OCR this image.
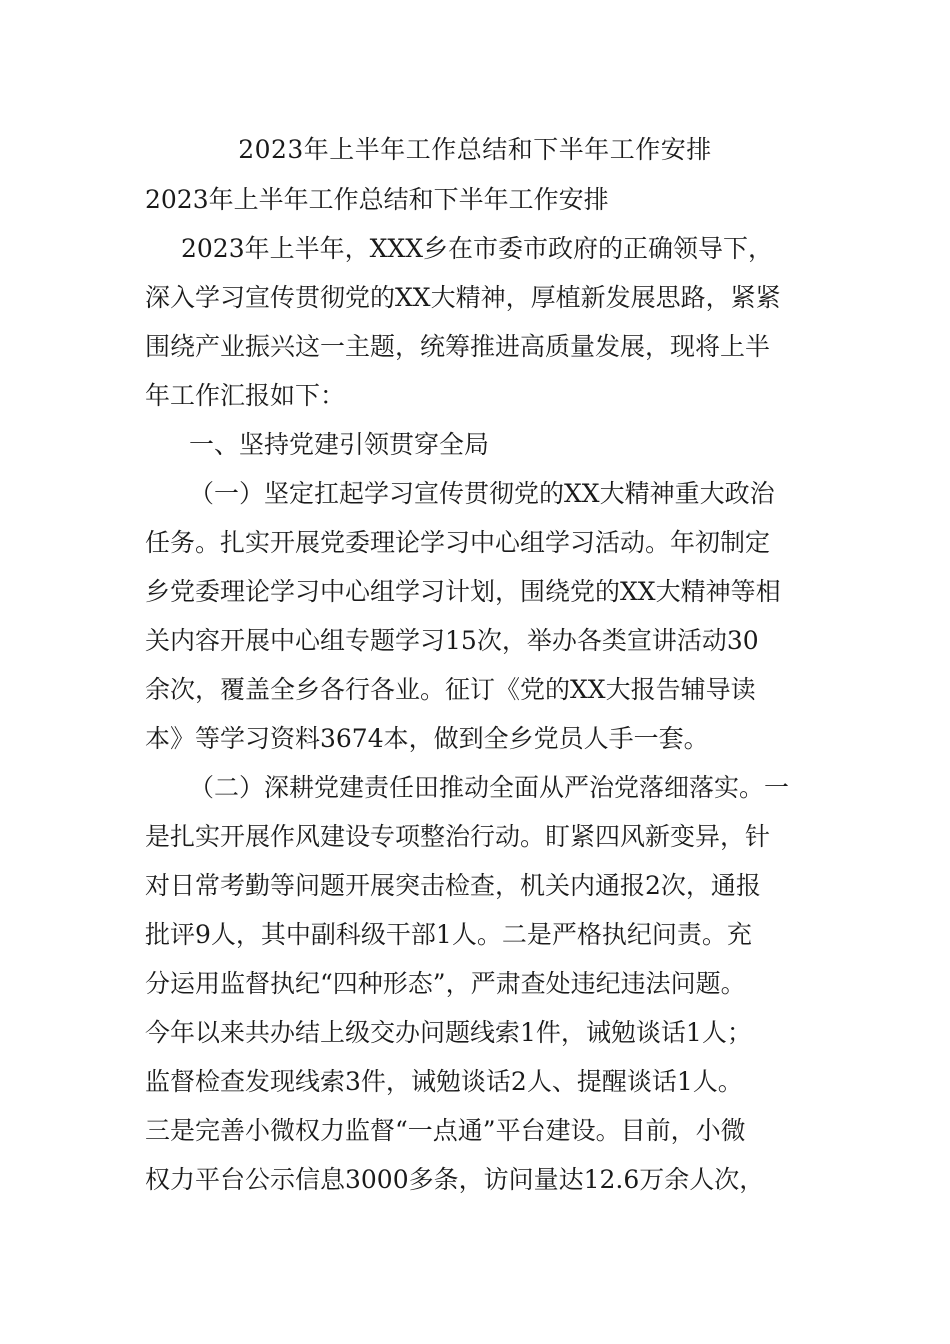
2023年上半年工作总结和下半年工作安排
2023年上半年工作总结和下半年工作安排
2023年上半年，XXX乡在市委市政府的正确领导下，
深入学习宣传贯彻党的XX大精神，厚植新发展思路，紧紧
围绕产业振兴这一主题，统筹推进高质量发展，现将上半
年工作汇报如下：
一、坚持党建引领贯穿全局
（一）坚定扛起学习宣传贯彻党的XX大精神重大政治
任务。扎实开展党委理论学习中心组学习活动。年初制定
乡党委理论学习中心组学习计划，围绕党的XX大精神等相
关内容开展中心组专题学习15次，举办各类宣讲活动30
余次，覆盖全乡各行各业。征订《党的XX大报告辅导读
本》等学习资料3674本，做到全乡党员人手一套。
（二）深耕党建责任田推动全面从严治党落细落实。一
是扎实开展作风建设专项整治行动。盯紧四风新变异，针
对日常考勤等问题开展突击检查，机关内通报2次，通报
批评9人，其中副科级干部1人。二是严格执纪问责。充
分运用监督执纪“四种形态”，严肃查处违纪违法问题。
今年以来共办结上级交办问题线索1件，诫勉谈话1人；
监督检查发现线索3件，诫勉谈话2人、提醒谈话1人。
三是完善小微权力监督“一点通”平台建设。目前，小微
权力平台公示信息3000多条，访问量达12.6万余人次，
